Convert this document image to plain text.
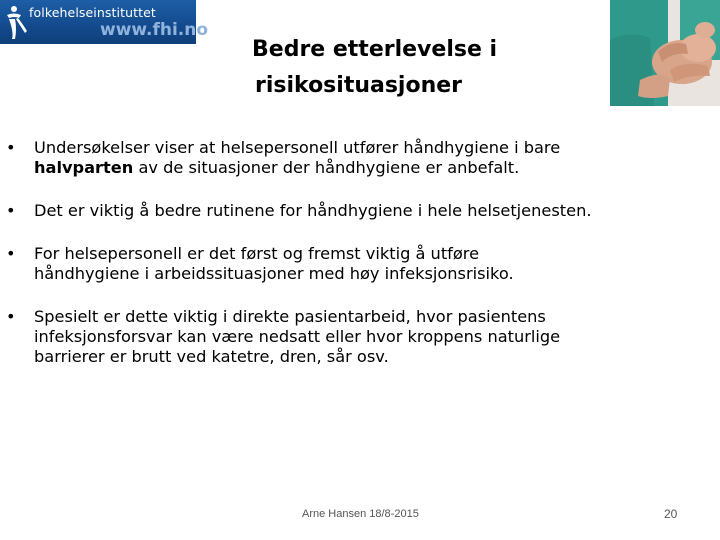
folkehelseinstituttet
www.fhi.no
Bedre etterlevelse i
risikosituasjoner
• Undersøkelser viser at helsepersonell utfører håndhygiene i bare
halvparten av de situasjoner der håndhygiene er anbefalt.
• Det er viktig å bedre rutinene for håndhygiene i hele helsetjenesten.
• For helsepersonell er det først og fremst viktig å utføre
håndhygiene i arbeidssituasjoner med høy infeksjonsrisiko.
• Spesielt er dette viktig i direkte pasientarbeid, hvor pasientens
infeksjonsforsvar kan være nedsatt eller hvor kroppens naturlige
barrierer er brutt ved katetre, dren, sår osv.
Arne Hansen 18/8-2015	20
